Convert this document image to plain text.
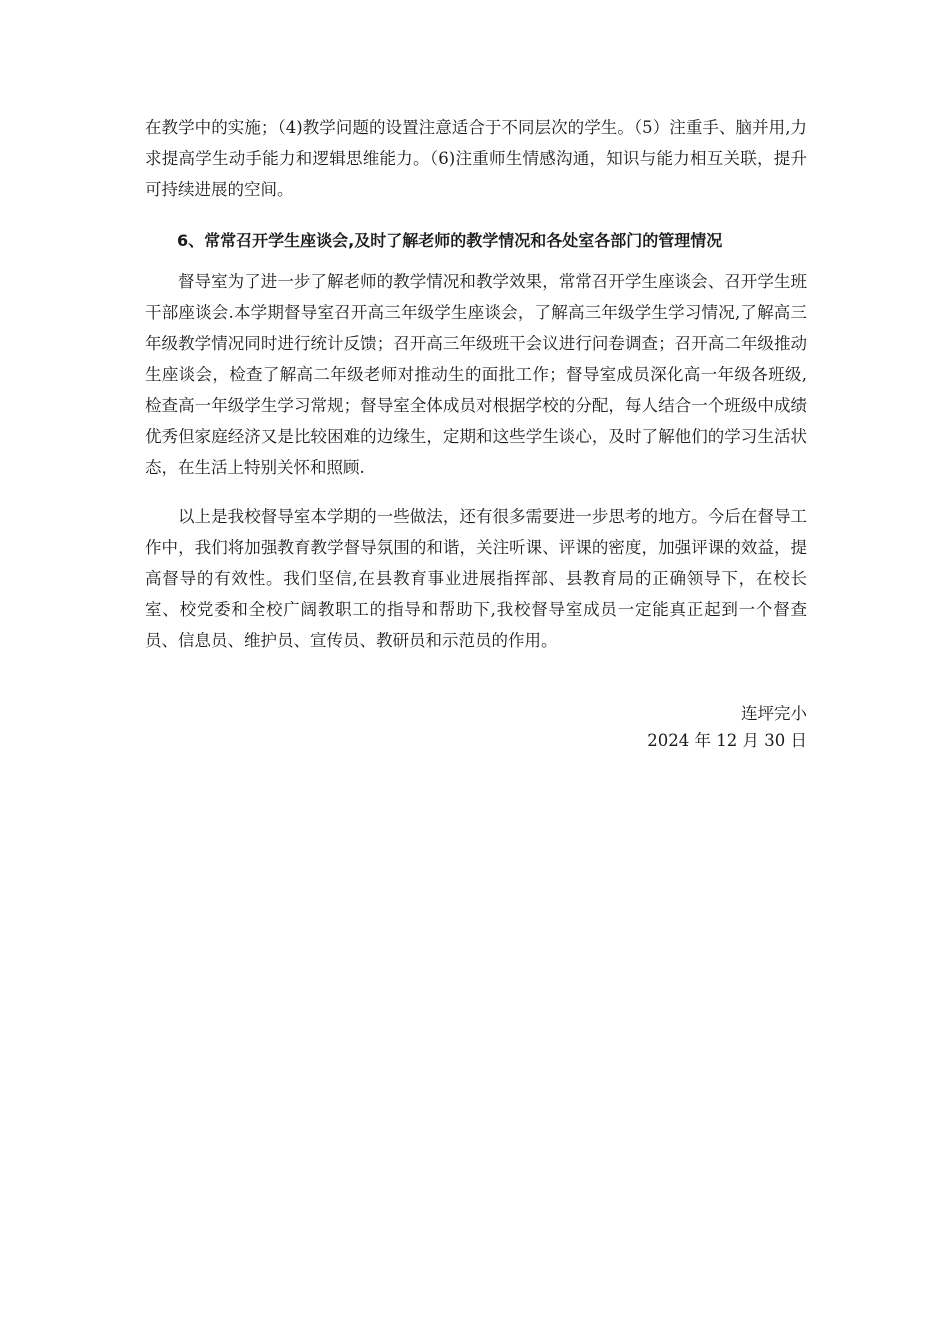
在教学中的实施；（4)教学问题的设置注意适合于不同层次的学生。（5）注重手、脑并用,力求提高学生动手能力和逻辑思维能力。（6)注重师生情感沟通，知识与能力相互关联，提升可持续进展的空间。

6、常常召开学生座谈会,及时了解老师的教学情况和各处室各部门的管理情况

督导室为了进一步了解老师的教学情况和教学效果，常常召开学生座谈会、召开学生班干部座谈会.本学期督导室召开高三年级学生座谈会，了解高三年级学生学习情况,了解高三年级教学情况同时进行统计反馈；召开高三年级班干会议进行问卷调查；召开高二年级推动生座谈会，检查了解高二年级老师对推动生的面批工作；督导室成员深化高一年级各班级,检查高一年级学生学习常规；督导室全体成员对根据学校的分配，每人结合一个班级中成绩优秀但家庭经济又是比较困难的边缘生，定期和这些学生谈心，及时了解他们的学习生活状态，在生活上特别关怀和照顾.

以上是我校督导室本学期的一些做法，还有很多需要进一步思考的地方。今后在督导工作中，我们将加强教育教学督导氛围的和谐，关注听课、评课的密度，加强评课的效益，提高督导的有效性。我们坚信,在县教育事业进展指挥部、县教育局的正确领导下，在校长室、校党委和全校广阔教职工的指导和帮助下,我校督导室成员一定能真正起到一个督查员、信息员、维护员、宣传员、教研员和示范员的作用。

连坪完小
2024 年 12 月 30 日
